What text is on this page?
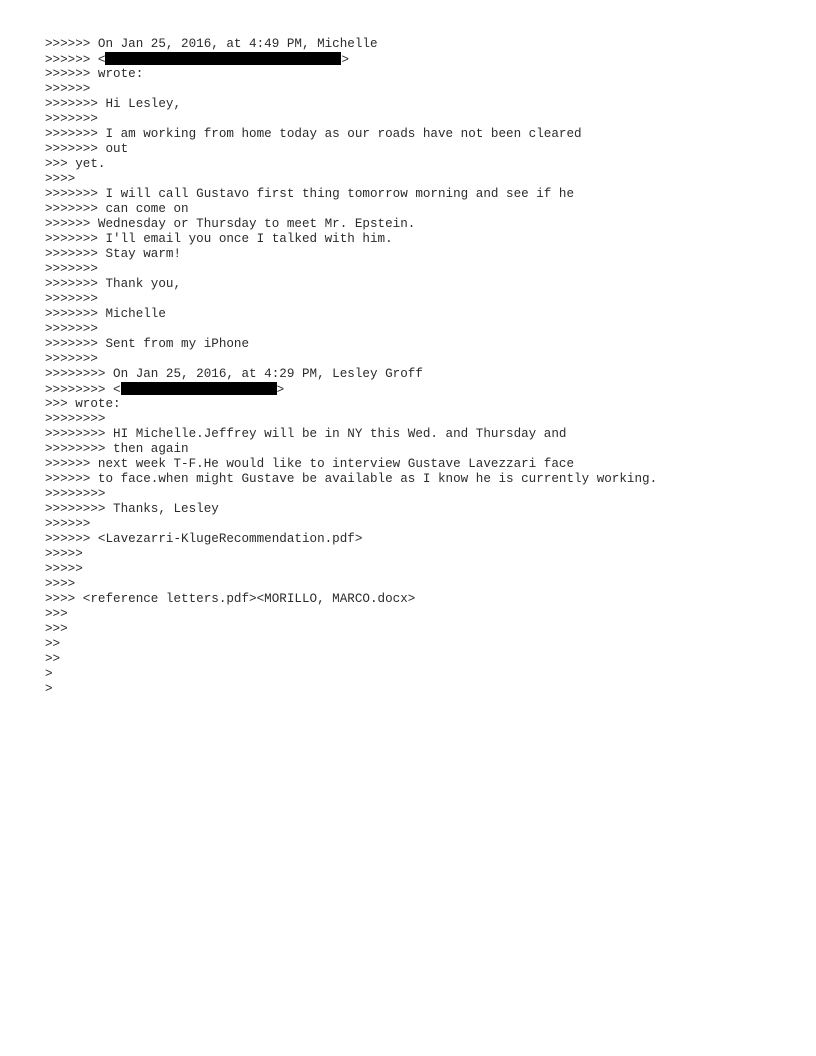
>>>>>> On Jan 25, 2016, at 4:49 PM, Michelle
>>>>>> <	>
>>>>>> wrote:
>>>>>>
>>>>>>> Hi Lesley,
>>>>>>>
>>>>>>> I am working from home today as our roads have not been cleared
>>>>>>> out
>>> yet.
>>>>
>>>>>>> I will call Gustavo first thing tomorrow morning and see if he
>>>>>>> can come on
>>>>>> Wednesday or Thursday to meet Mr. Epstein.
>>>>>>> I'll email you once I talked with him.
>>>>>>> Stay warm!
>>>>>>>
>>>>>>> Thank you,
>>>>>>>
>>>>>>> Michelle
>>>>>>>
>>>>>>> Sent from my iPhone
>>>>>>>
>>>>>>>> On Jan 25, 2016, at 4:29 PM, Lesley Groff
>>>>>>>> <	>
>>> wrote:
>>>>>>>>
>>>>>>>> HI Michelle.Jeffrey will be in NY this Wed. and Thursday and
>>>>>>>> then again
>>>>>> next week T-F.He would like to interview Gustave Lavezzari face
>>>>>> to face.when might Gustave be available as I know he is currently working.
>>>>>>>>
>>>>>>>> Thanks, Lesley
>>>>>>
>>>>>> <Lavezarri-KlugeRecommendation.pdf>
>>>>>
>>>>>
>>>>
>>>> <reference letters.pdf><MORILLO, MARCO.docx>
>>>
>>>
>>
>>
>
>
